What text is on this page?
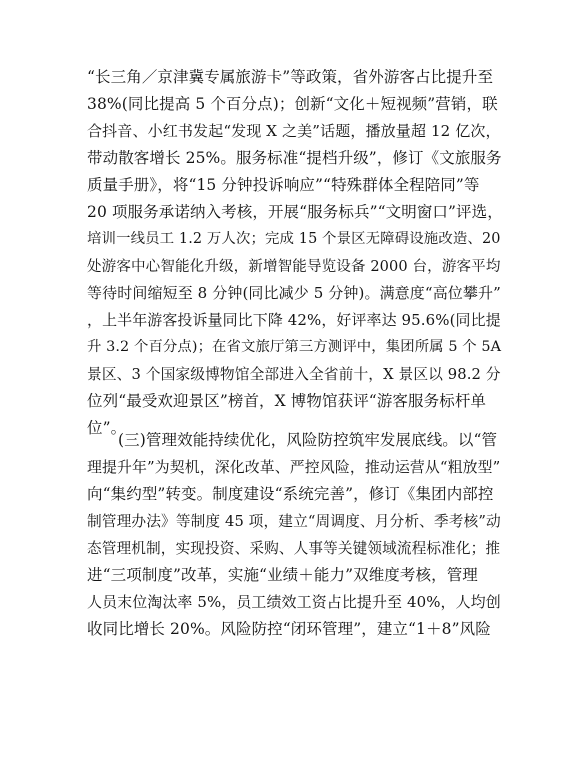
“长三角／京津冀专属旅游卡”等政策，省外游客占比提升至
38%(同比提高 5 个百分点)；创新“文化＋短视频”营销，联
合抖音、小红书发起“发现 X 之美”话题，播放量超 12 亿次，
带动散客增长 25%。服务标准“提档升级”，修订《文旅服务
质量手册》，将“15 分钟投诉响应”“特殊群体全程陪同”等
20 项服务承诺纳入考核，开展“服务标兵”“文明窗口”评选，
培训一线员工 1.2 万人次；完成 15 个景区无障碍设施改造、20
处游客中心智能化升级，新增智能导览设备 2000 台，游客平均
等待时间缩短至 8 分钟(同比减少 5 分钟)。满意度“高位攀升”
，上半年游客投诉量同比下降 42%，好评率达 95.6%(同比提
升 3.2 个百分点)；在省文旅厅第三方测评中，集团所属 5 个 5A
景区、3 个国家级博物馆全部进入全省前十，X 景区以 98.2 分
位列“最受欢迎景区”榜首，X 博物馆获评“游客服务标杆单
位”。
(三)管理效能持续优化，风险防控筑牢发展底线。以“管
理提升年”为契机，深化改革、严控风险，推动运营从“粗放型”
向“集约型”转变。制度建设“系统完善”，修订《集团内部控
制管理办法》等制度 45 项，建立“周调度、月分析、季考核”动
态管理机制，实现投资、采购、人事等关键领域流程标准化；推
进“三项制度”改革，实施“业绩＋能力”双维度考核，管理
人员末位淘汰率 5%，员工绩效工资占比提升至 40%，人均创
收同比增长 20%。风险防控“闭环管理”，建立“1＋8”风险
